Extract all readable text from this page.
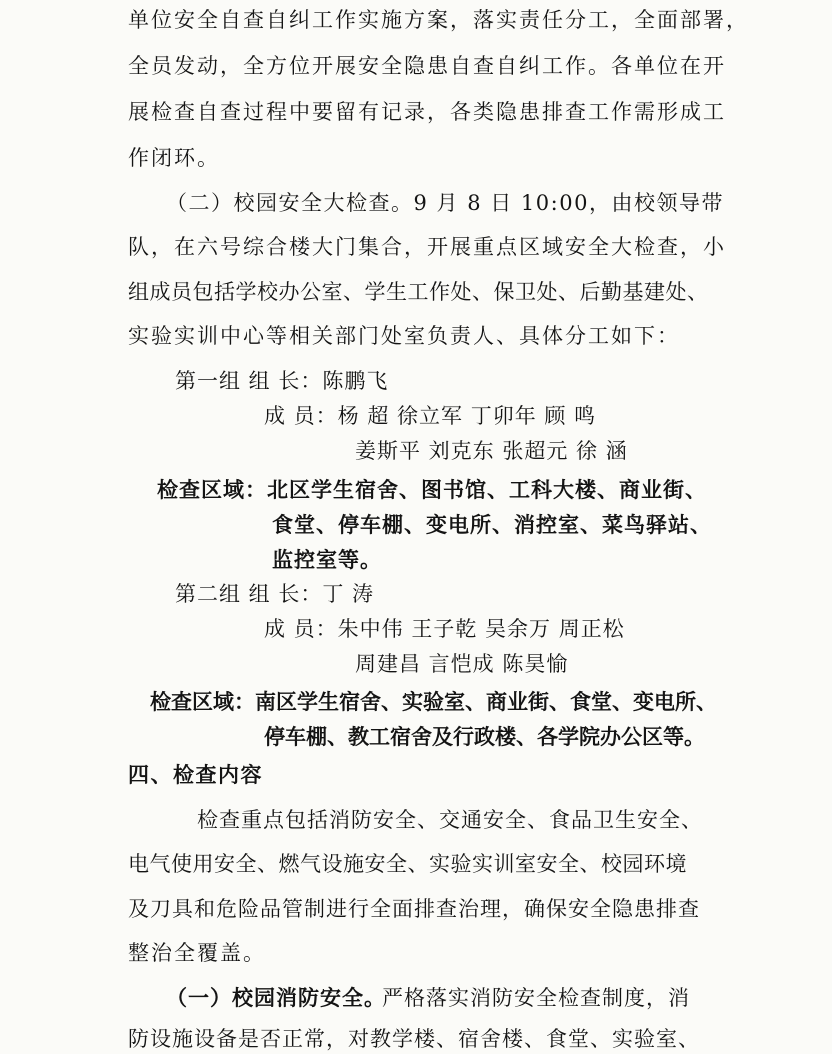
单位安全自查自纠工作实施方案，落实责任分工，全面部署，

全员发动，全方位开展安全隐患自查自纠工作。各单位在开

展检查自查过程中要留有记录，各类隐患排查工作需形成工

作闭环。

（二）校园安全大检查。9 月 8 日 10:00，由校领导带

队，在六号综合楼大门集合，开展重点区域安全大检查，小

组成员包括学校办公室、学生工作处、保卫处、后勤基建处、

实验实训中心等相关部门处室负责人、具体分工如下：

第一组 组 长：陈鹏飞

成 员：杨 超 徐立军 丁卯年 顾 鸣

姜斯平 刘克东 张超元 徐 涵

检查区域：北区学生宿舍、图书馆、工科大楼、商业街、

食堂、停车棚、变电所、消控室、菜鸟驿站、

监控室等。

第二组 组 长：丁 涛

成 员：朱中伟 王子乾 吴余万 周正松

周建昌 言恺成 陈昊愉

检查区域：南区学生宿舍、实验室、商业街、食堂、变电所、

停车棚、教工宿舍及行政楼、各学院办公区等。

四、检查内容

检查重点包括消防安全、交通安全、食品卫生安全、

电气使用安全、燃气设施安全、实验实训室安全、校园环境

及刀具和危险品管制进行全面排查治理，确保安全隐患排查

整治全覆盖。

（一）校园消防安全。

严格落实消防安全检查制度，消

防设施设备是否正常，对教学楼、宿舍楼、食堂、实验室、
